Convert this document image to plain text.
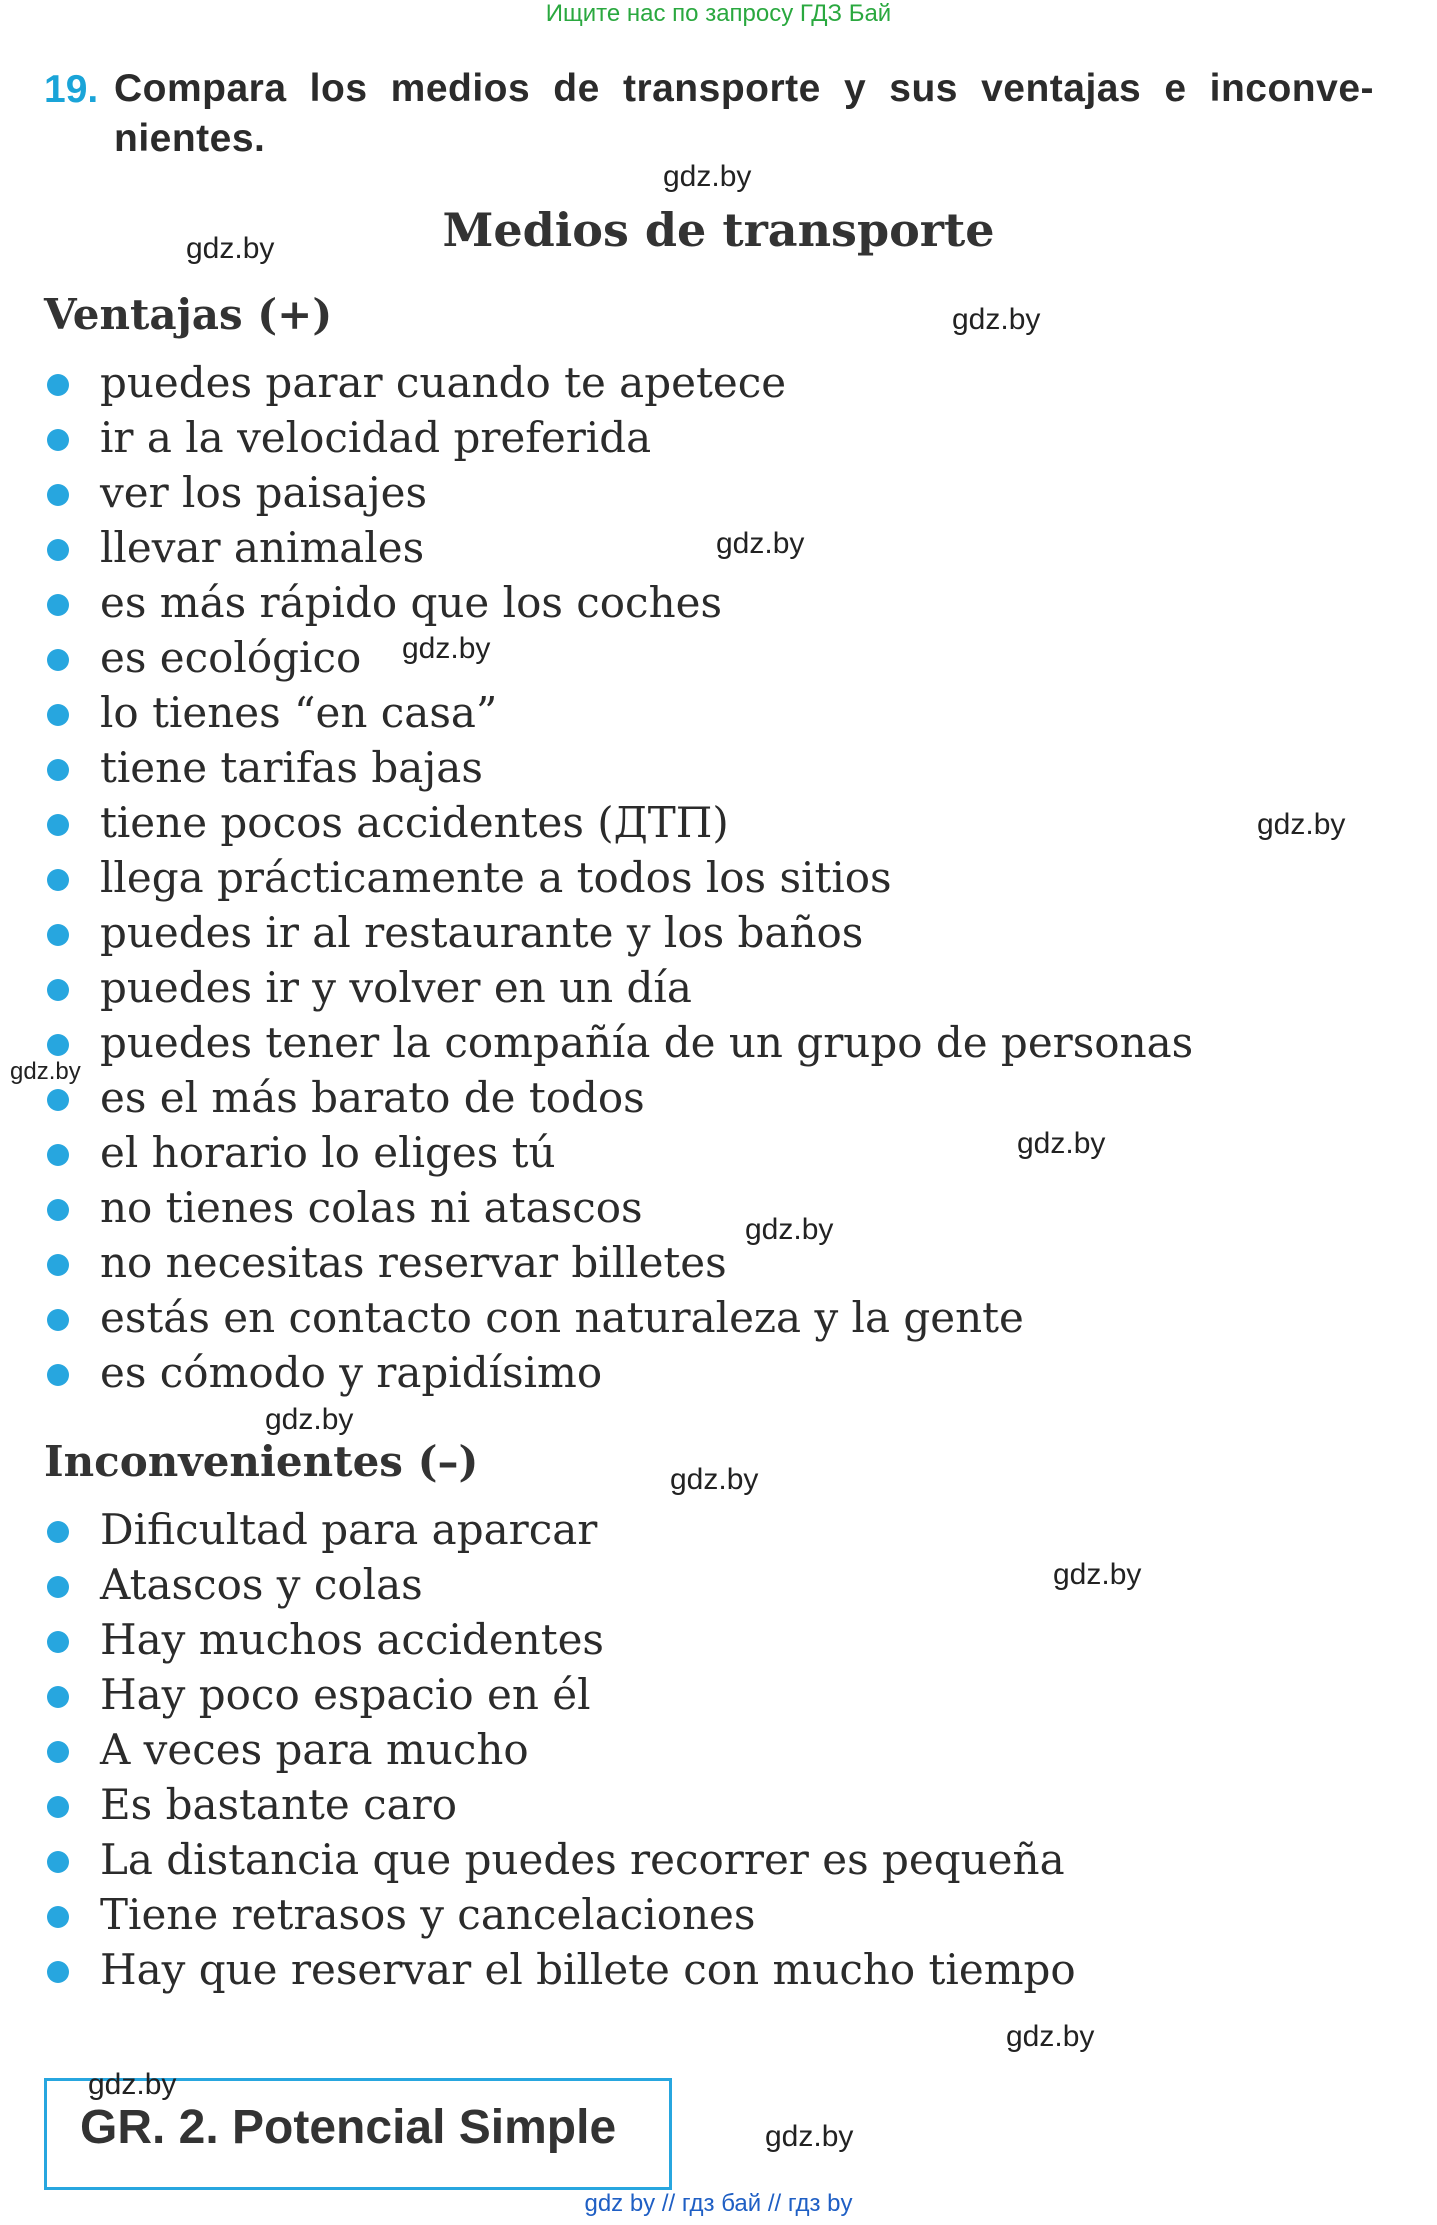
Ищите нас по запросу ГДЗ Бай
19. Compara los medios de transporte y sus ventajas e inconve-nientes.
Medios de transporte
Ventajas (+)
puedes parar cuando te apetece
ir a la velocidad preferida
ver los paisajes
llevar animales
es más rápido que los coches
es ecológico
lo tienes “en casa”
tiene tarifas bajas
tiene pocos accidentes (ДТП)
llega prácticamente a todos los sitios
puedes ir al restaurante y los baños
puedes ir y volver en un día
puedes tener la compañía de un grupo de personas
es el más barato de todos
el horario lo eliges tú
no tienes colas ni atascos
no necesitas reservar billetes
estás en contacto con naturaleza y la gente
es cómodo y rapidísimo
Inconvenientes (–)
Dificultad para aparcar
Atascos y colas
Hay muchos accidentes
Hay poco espacio en él
A veces para mucho
Es bastante caro
La distancia que puedes recorrer es pequeña
Tiene retrasos y cancelaciones
Hay que reservar el billete con mucho tiempo
GR. 2. Potencial Simple
gdz.by
gdz.by
gdz.by
gdz.by
gdz.by
gdz.by
gdz.by
gdz.by
gdz.by
gdz.by
gdz.by
gdz.by
gdz.by
gdz.by
gdz.by
gdz by // гдз бай // гдз by
